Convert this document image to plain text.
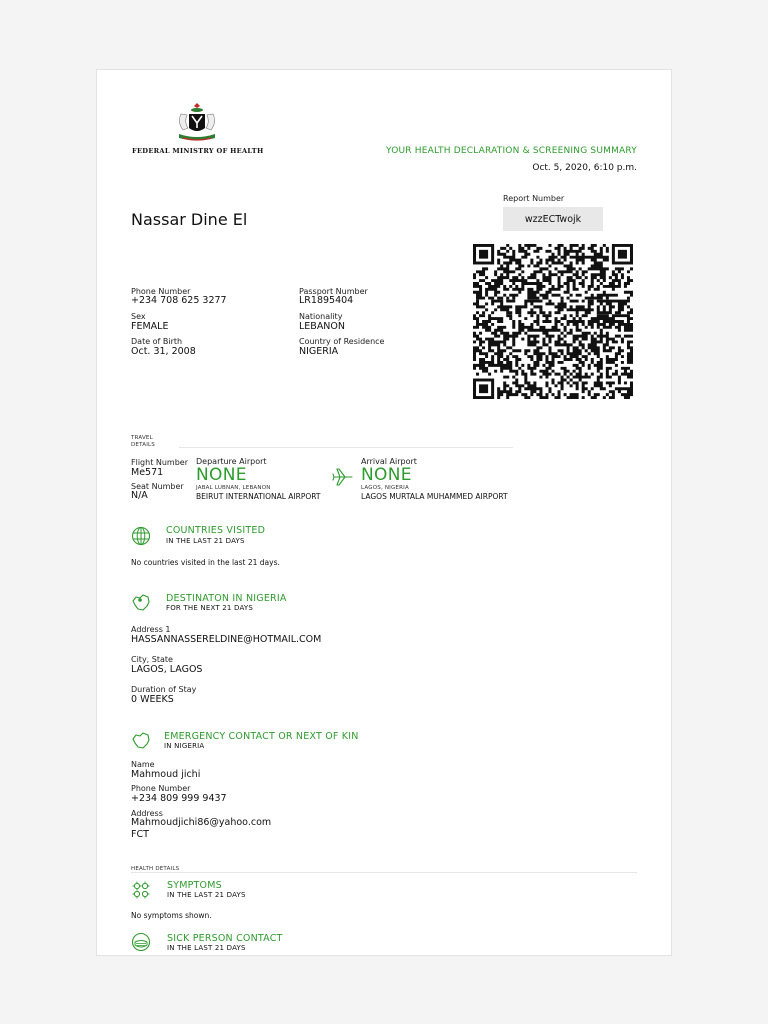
FEDERAL MINISTRY OF HEALTH	YOUR HEALTH DECLARATION & SCREENING SUMMARY
Oct. 5, 2020, 6:10 p.m.
Report Number
wzzECTwojk
Nassar Dine El
Phone Number
+234 708 625 3277
Passport Number
LR1895404
Sex
FEMALE
Nationality
LEBANON
Date of Birth
Oct. 31, 2008
Country of Residence
NIGERIA
TRAVEL
DETAILS
Flight Number
Me571
Seat Number
N/A
Departure Airport
NONE
JABAL LUBNAN, LEBANON
BEIRUT INTERNATIONAL AIRPORT
Arrival Airport
NONE
LAGOS, NIGERIA
LAGOS MURTALA MUHAMMED AIRPORT
COUNTRIES VISITED
IN THE LAST 21 DAYS
No countries visited in the last 21 days.
DESTINATON IN NIGERIA
FOR THE NEXT 21 DAYS
Address 1
HASSANNASSERELDINE@HOTMAIL.COM
City, State
LAGOS, LAGOS
Duration of Stay
0 WEEKS
EMERGENCY CONTACT OR NEXT OF KIN
IN NIGERIA
Name
Mahmoud jichi
Phone Number
+234 809 999 9437
Address
Mahmoudjichi86@yahoo.com
FCT
HEALTH DETAILS
SYMPTOMS
IN THE LAST 21 DAYS
No symptoms shown.
SICK PERSON CONTACT
IN THE LAST 21 DAYS
